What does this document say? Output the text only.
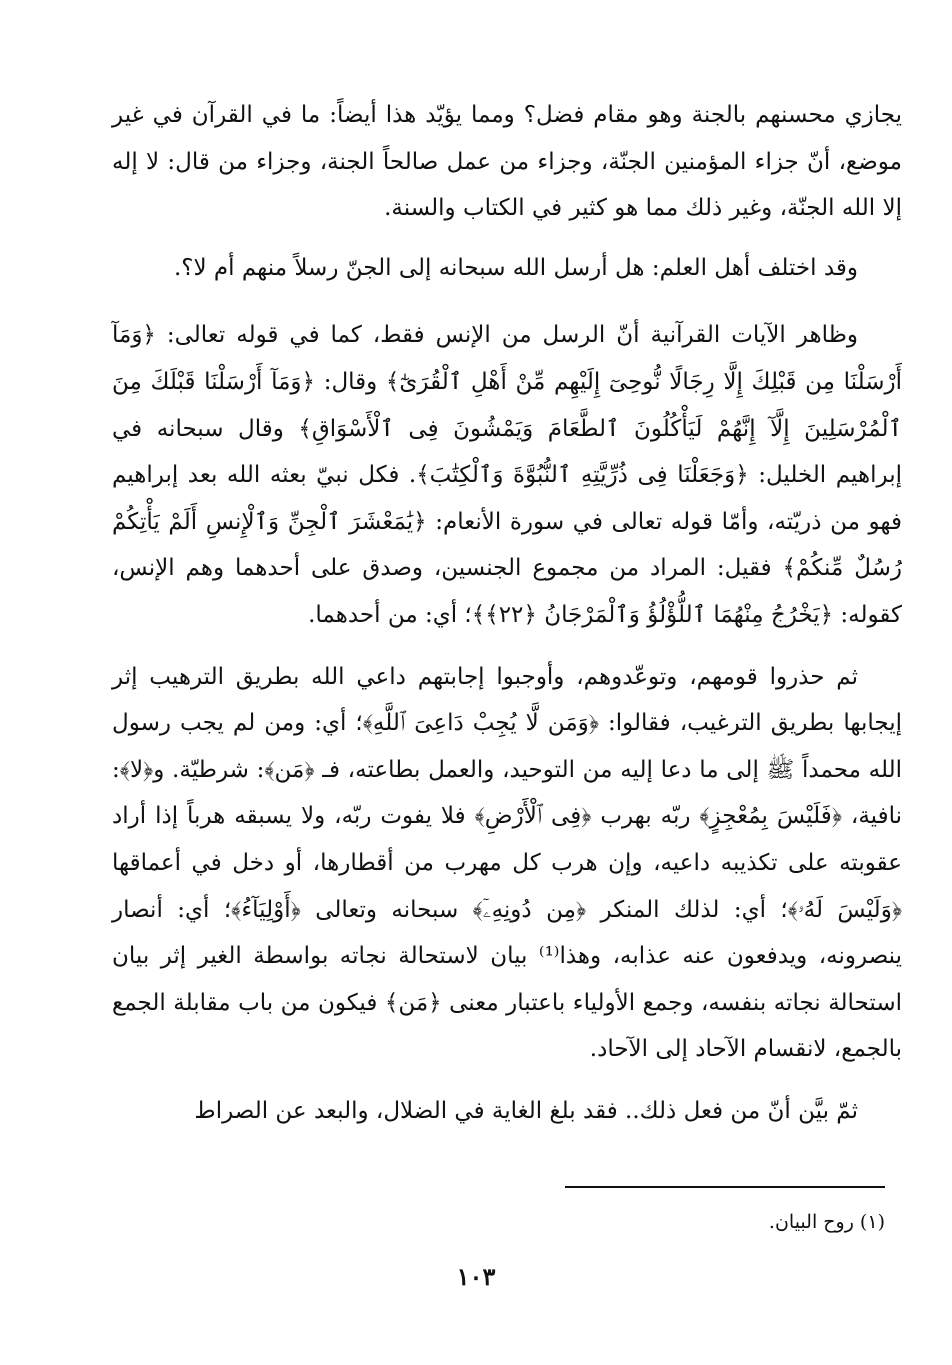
يجازي محسنهم بالجنة وهو مقام فضل؟ ومما يؤيّد هذا أيضاً: ما في القرآن في غير موضع، أنّ جزاء المؤمنين الجنّة، وجزاء من عمل صالحاً الجنة، وجزاء من قال: لا إله إلا الله الجنّة، وغير ذلك مما هو كثير في الكتاب والسنة.

وقد اختلف أهل العلم: هل أرسل الله سبحانه إلى الجنّ رسلاً منهم أم لا؟.

وظاهر الآيات القرآنية أنّ الرسل من الإنس فقط، كما في قوله تعالى: ﴿وَمَآ أَرْسَلْنَا مِن قَبْلِكَ إِلَّا رِجَالًا نُّوحِىٓ إِلَيْهِم مِّنْ أَهْلِ ٱلْقُرَىٰٓ﴾ وقال: ﴿وَمَآ أَرْسَلْنَا قَبْلَكَ مِنَ ٱلْمُرْسَلِينَ إِلَّآ إِنَّهُمْ لَيَأْكُلُونَ ٱلطَّعَامَ وَيَمْشُونَ فِى ٱلْأَسْوَاقِ﴾ وقال سبحانه في إبراهيم الخليل: ﴿وَجَعَلْنَا فِى ذُرِّيَّتِهِ ٱلنُّبُوَّةَ وَٱلْكِتَٰبَ﴾. فكل نبيّ بعثه الله بعد إبراهيم فهو من ذريّته، وأمّا قوله تعالى في سورة الأنعام: ﴿يَٰمَعْشَرَ ٱلْجِنِّ وَٱلْإِنسِ أَلَمْ يَأْتِكُمْ رُسُلٌ مِّنكُمْ﴾ فقيل: المراد من مجموع الجنسين، وصدق على أحدهما وهم الإنس، كقوله: ﴿يَخْرُجُ مِنْهُمَا ٱللُّؤْلُؤُ وَٱلْمَرْجَانُ ﴿٢٢﴾﴾؛ أي: من أحدهما.

ثم حذروا قومهم، وتوعّدوهم، وأوجبوا إجابتهم داعي الله بطريق الترهيب إثر إيجابها بطريق الترغيب، فقالوا: ﴿وَمَن لَّا يُجِبْ دَاعِىَ ٱللَّهِ﴾؛ أي: ومن لم يجب رسول الله محمداً ﷺ إلى ما دعا إليه من التوحيد، والعمل بطاعته، فـ ﴿مَن﴾: شرطيّة. و﴿لا﴾: نافية، ﴿فَلَيْسَ بِمُعْجِزٍ﴾ ربّه بهرب ﴿فِى ٱلْأَرْضِ﴾ فلا يفوت ربّه، ولا يسبقه هرباً إذا أراد عقوبته على تكذيبه داعيه، وإن هرب كل مهرب من أقطارها، أو دخل في أعماقها ﴿وَلَيْسَ لَهُۥ﴾؛ أي: لذلك المنكر ﴿مِن دُونِهِۦٓ﴾ سبحانه وتعالى ﴿أَوْلِيَآءُ﴾؛ أي: أنصار ينصرونه، ويدفعون عنه عذابه، وهذا⁽¹⁾ بيان لاستحالة نجاته بواسطة الغير إثر بيان استحالة نجاته بنفسه، وجمع الأولياء باعتبار معنى ﴿مَن﴾ فيكون من باب مقابلة الجمع بالجمع، لانقسام الآحاد إلى الآحاد.

ثمّ بيَّن أنّ من فعل ذلك.. فقد بلغ الغاية في الضلال، والبعد عن الصراط

(١) روح البيان.
١٠٣
